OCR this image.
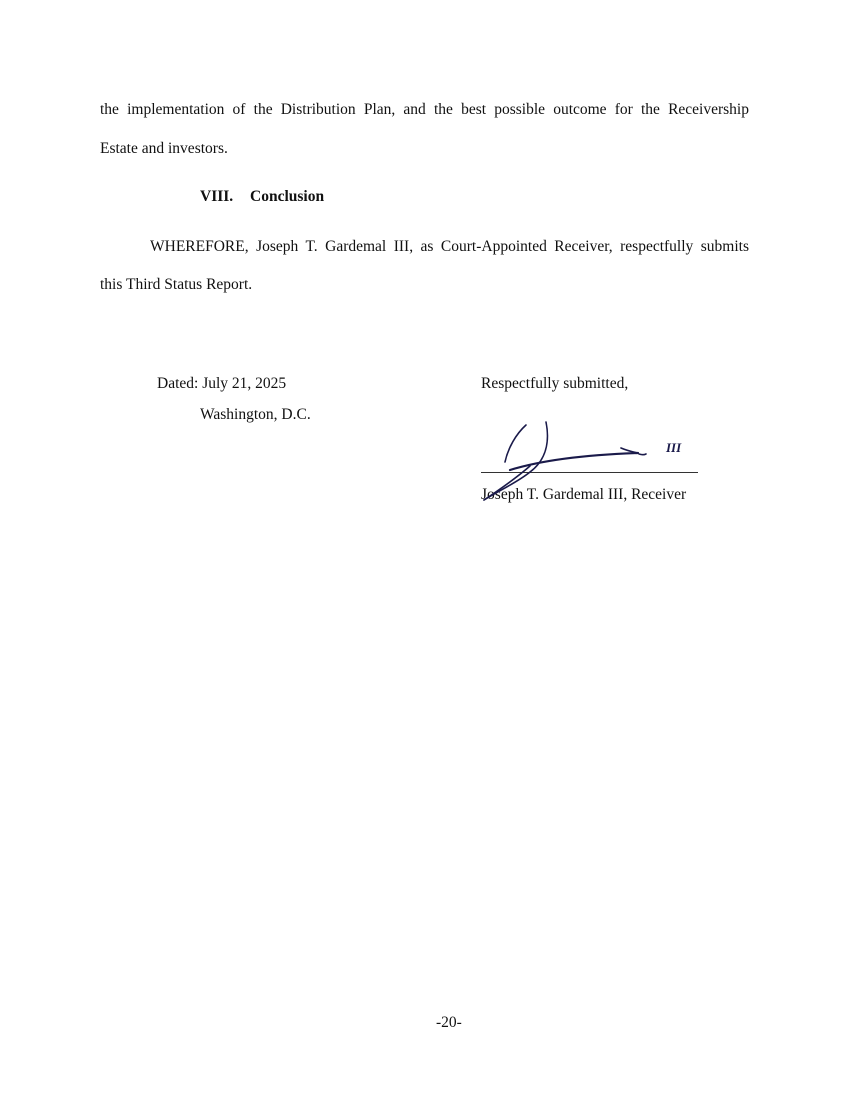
the implementation of the Distribution Plan, and the best possible outcome for the Receivership
Estate and investors.
VIII. Conclusion
WHEREFORE, Joseph T. Gardemal III, as Court-Appointed Receiver, respectfully submits
this Third Status Report.
Dated: July 21, 2025
Washington, D.C.
Respectfully submitted,
Joseph T. Gardemal III, Receiver
III
-20-
